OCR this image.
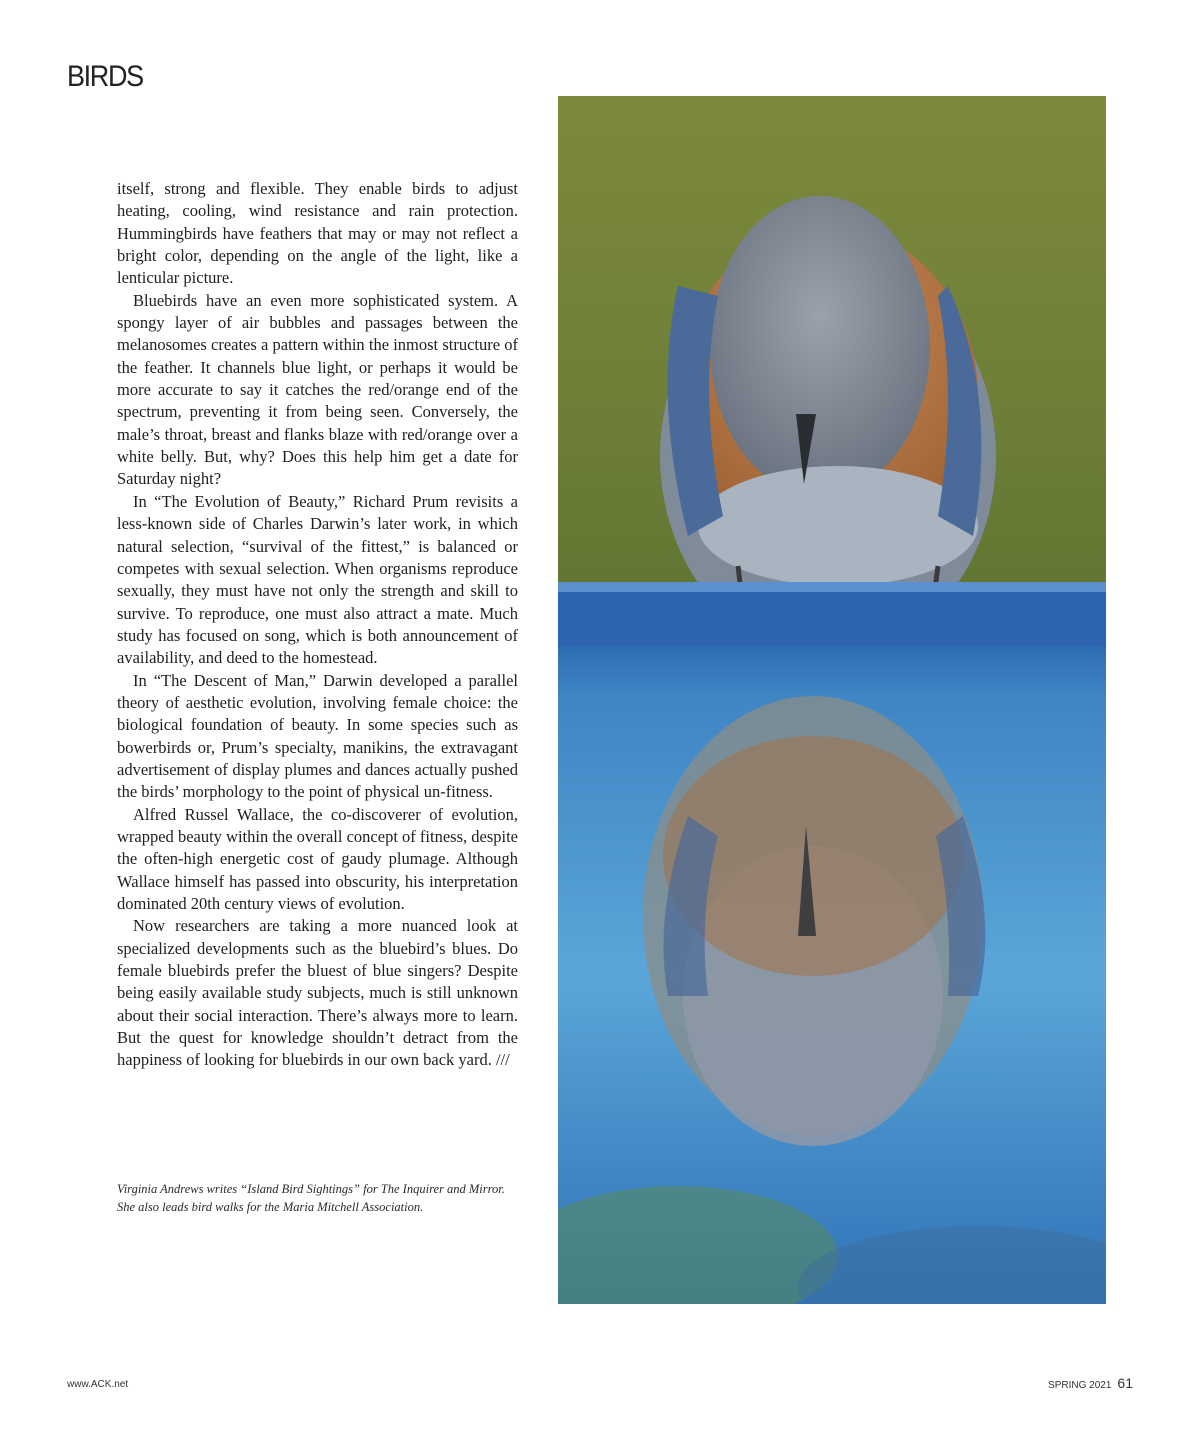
BIRDS

itself, strong and flexible. They enable birds to adjust heating, cooling, wind resistance and rain protection. Hummingbirds have feathers that may or may not reflect a bright color, depending on the angle of the light, like a lenticular picture.

Bluebirds have an even more sophisticated system. A spongy layer of air bubbles and passages between the melanosomes creates a pattern within the inmost structure of the feather. It channels blue light, or perhaps it would be more accurate to say it catches the red/orange end of the spectrum, preventing it from being seen. Conversely, the male’s throat, breast and flanks blaze with red/orange over a white belly. But, why? Does this help him get a date for Saturday night?

In “The Evolution of Beauty,” Richard Prum revisits a less-known side of Charles Darwin’s later work, in which natural selection, “survival of the fittest,” is balanced or competes with sexual selection. When organisms reproduce sexually, they must have not only the strength and skill to survive. To reproduce, one must also attract a mate. Much study has focused on song, which is both announcement of availability, and deed to the homestead.

In “The Descent of Man,” Darwin developed a parallel theory of aesthetic evolution, involving female choice: the biological foundation of beauty. In some species such as bowerbirds or, Prum’s specialty, manikins, the extravagant advertisement of display plumes and dances actually pushed the birds’ morphology to the point of physical un-fitness.

Alfred Russel Wallace, the co-discoverer of evolution, wrapped beauty within the overall concept of fitness, despite the often-high energetic cost of gaudy plumage. Although Wallace himself has passed into obscurity, his interpretation dominated 20th century views of evolution.

Now researchers are taking a more nuanced look at specialized developments such as the bluebird’s blues. Do female bluebirds prefer the bluest of blue singers? Despite being easily available study subjects, much is still unknown about their social interaction. There’s always more to learn. But the quest for knowledge shouldn’t detract from the happiness of looking for bluebirds in our own back yard. ///

Virginia Andrews writes “Island Bird Sightings” for The Inquirer and Mirror. She also leads bird walks for the Maria Mitchell Association.
www.ACK.net	SPRING 2021 61
